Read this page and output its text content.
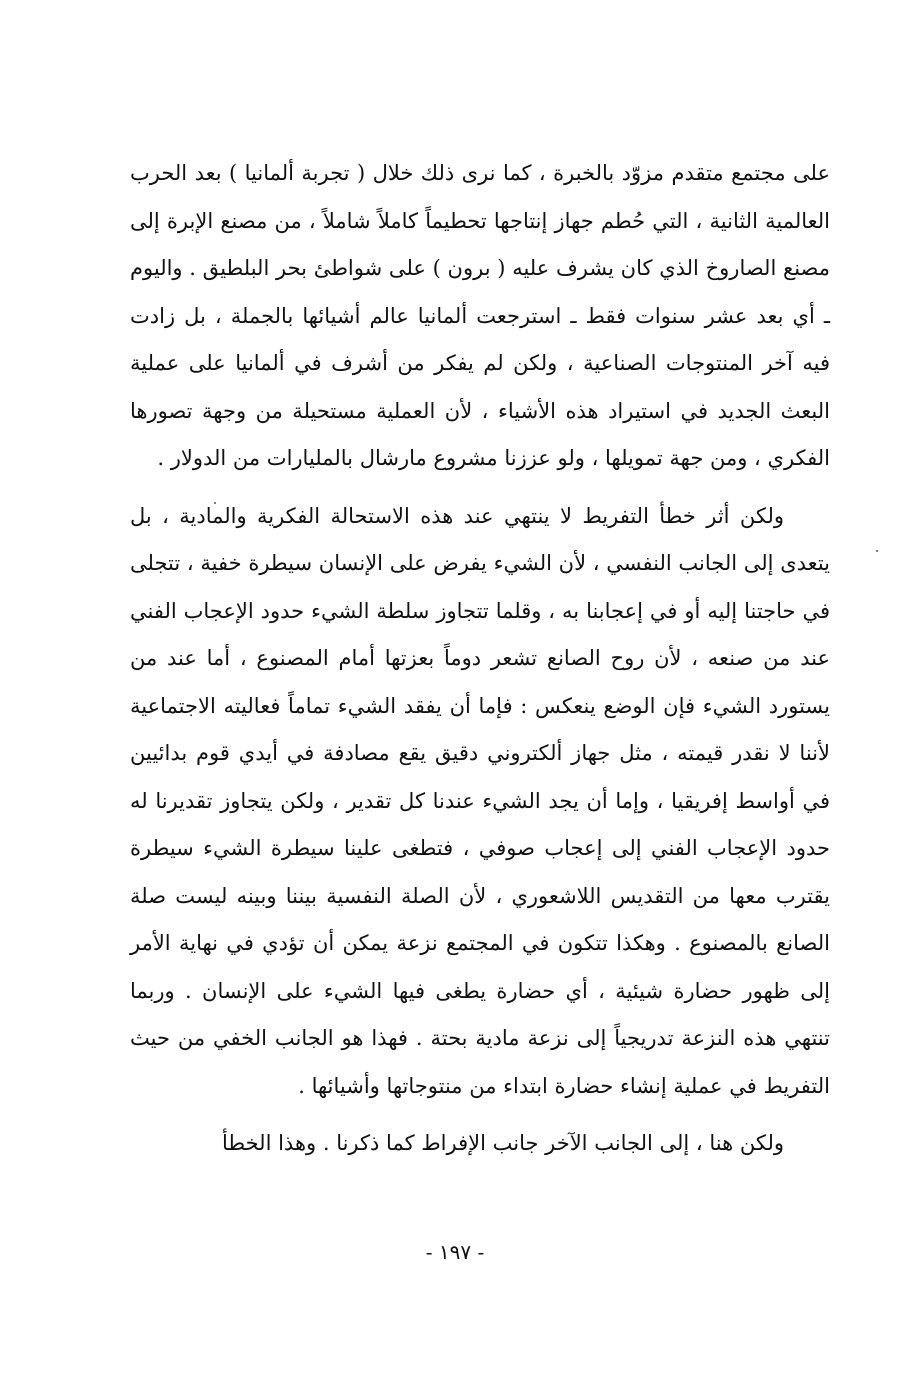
على مجتمع متقدم مزوّد بالخبرة ، كما نرى ذلك خلال ( تجربة ألمانيا ) بعد الحرب العالمية الثانية ، التي حُطم جهاز إنتاجها تحطيماً كاملاً شاملاً ، من مصنع الإبرة إلى مصنع الصاروخ الذي كان يشرف عليه ( برون ) على شواطئ بحر البلطيق . واليوم ـ أي بعد عشر سنوات فقط ـ استرجعت ألمانيا عالم أشيائها بالجملة ، بل زادت فيه آخر المنتوجات الصناعية ، ولكن لم يفكر من أشرف في ألمانيا على عملية البعث الجديد في استيراد هذه الأشياء ، لأن العملية مستحيلة من وجهة تصورها الفكري ، ومن جهة تمويلها ، ولو عززنا مشروع مارشال بالمليارات من الدولار .

ولكن أثر خطأ التفريط لا ينتهي عند هذه الاستحالة الفكرية والمادية ، بل يتعدى إلى الجانب النفسي ، لأن الشيء يفرض على الإنسان سيطرة خفية ، تتجلى في حاجتنا إليه أو في إعجابنا به ، وقلما تتجاوز سلطة الشيء حدود الإعجاب الفني عند من صنعه ، لأن روح الصانع تشعر دوماً بعزتها أمام المصنوع ، أما عند من يستورد الشيء فإن الوضع ينعكس : فإما أن يفقد الشيء تماماً فعاليته الاجتماعية لأننا لا نقدر قيمته ، مثل جهاز ألكتروني دقيق يقع مصادفة في أيدي قوم بدائيين في أواسط إفريقيا ، وإما أن يجد الشيء عندنا كل تقدير ، ولكن يتجاوز تقديرنا له حدود الإعجاب الفني إلى إعجاب صوفي ، فتطغى علينا سيطرة الشيء سيطرة يقترب معها من التقديس اللاشعوري ، لأن الصلة النفسية بيننا وبينه ليست صلة الصانع بالمصنوع . وهكذا تتكون في المجتمع نزعة يمكن أن تؤدي في نهاية الأمر إلى ظهور حضارة شيئية ، أي حضارة يطغى فيها الشيء على الإنسان . وربما تنتهي هذه النزعة تدريجياً إلى نزعة مادية بحتة . فهذا هو الجانب الخفي من حيث التفريط في عملية إنشاء حضارة ابتداء من منتوجاتها وأشيائها .

ولكن هنا ، إلى الجانب الآخر جانب الإفراط كما ذكرنا . وهذا الخطأ

- ١٩٧ -
